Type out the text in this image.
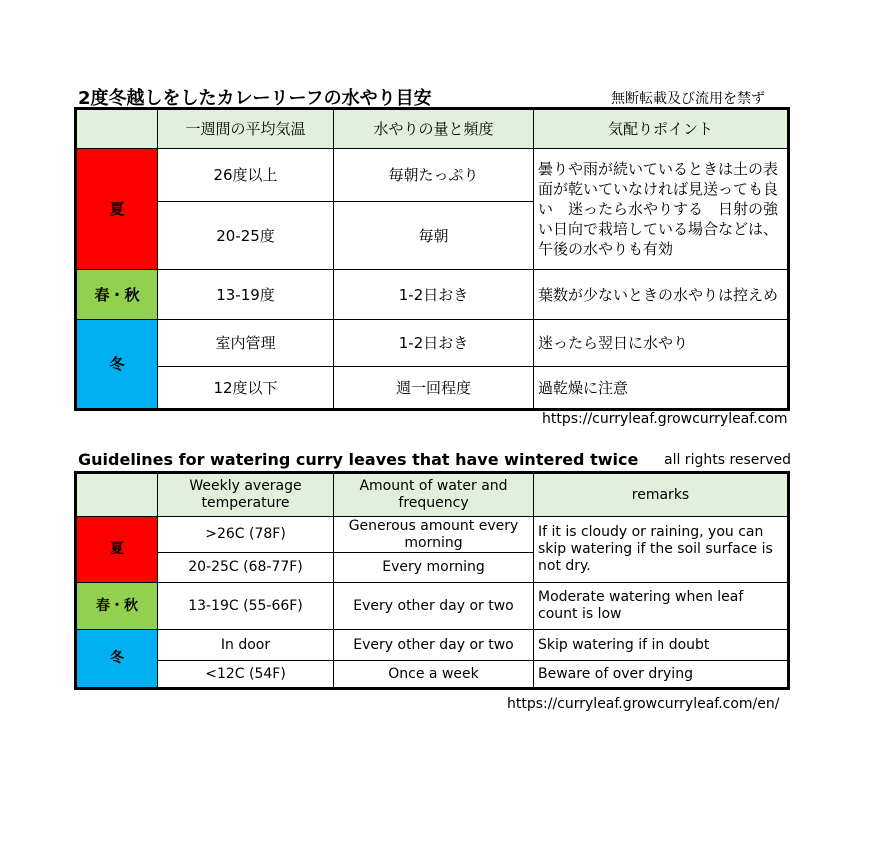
2度冬越しをしたカレーリーフの水やり目安	無断転載及び流用を禁ず
	一週間の平均気温	水やりの量と頻度	気配りポイント
夏	26度以上	毎朝たっぷり	曇りや雨が続いているときは土の表面が乾いていなければ見送っても良い　迷ったら水やりする　日射の強い日向で栽培している場合などは、午後の水やりも有効
	20-25度	毎朝	
春・秋	13-19度	1-2日おき	葉数が少ないときの水やりは控えめ
冬	室内管理	1-2日おき	迷ったら翌日に水やり
	12度以下	週一回程度	過乾燥に注意
https://curryleaf.growcurryleaf.com
Guidelines for watering curry leaves that have wintered twice all rights reserved
	Weekly average temperature	Amount of water and frequency	remarks
夏	>26C (78F)	Generous amount every morning	If it is cloudy or raining, you can skip watering if the soil surface is not dry.
	20-25C (68-77F)	Every morning	
春・秋	13-19C (55-66F)	Every other day or two	Moderate watering when leaf count is low
冬	In door	Every other day or two	Skip watering if in doubt
	<12C (54F)	Once a week	Beware of over drying
https://curryleaf.growcurryleaf.com/en/
